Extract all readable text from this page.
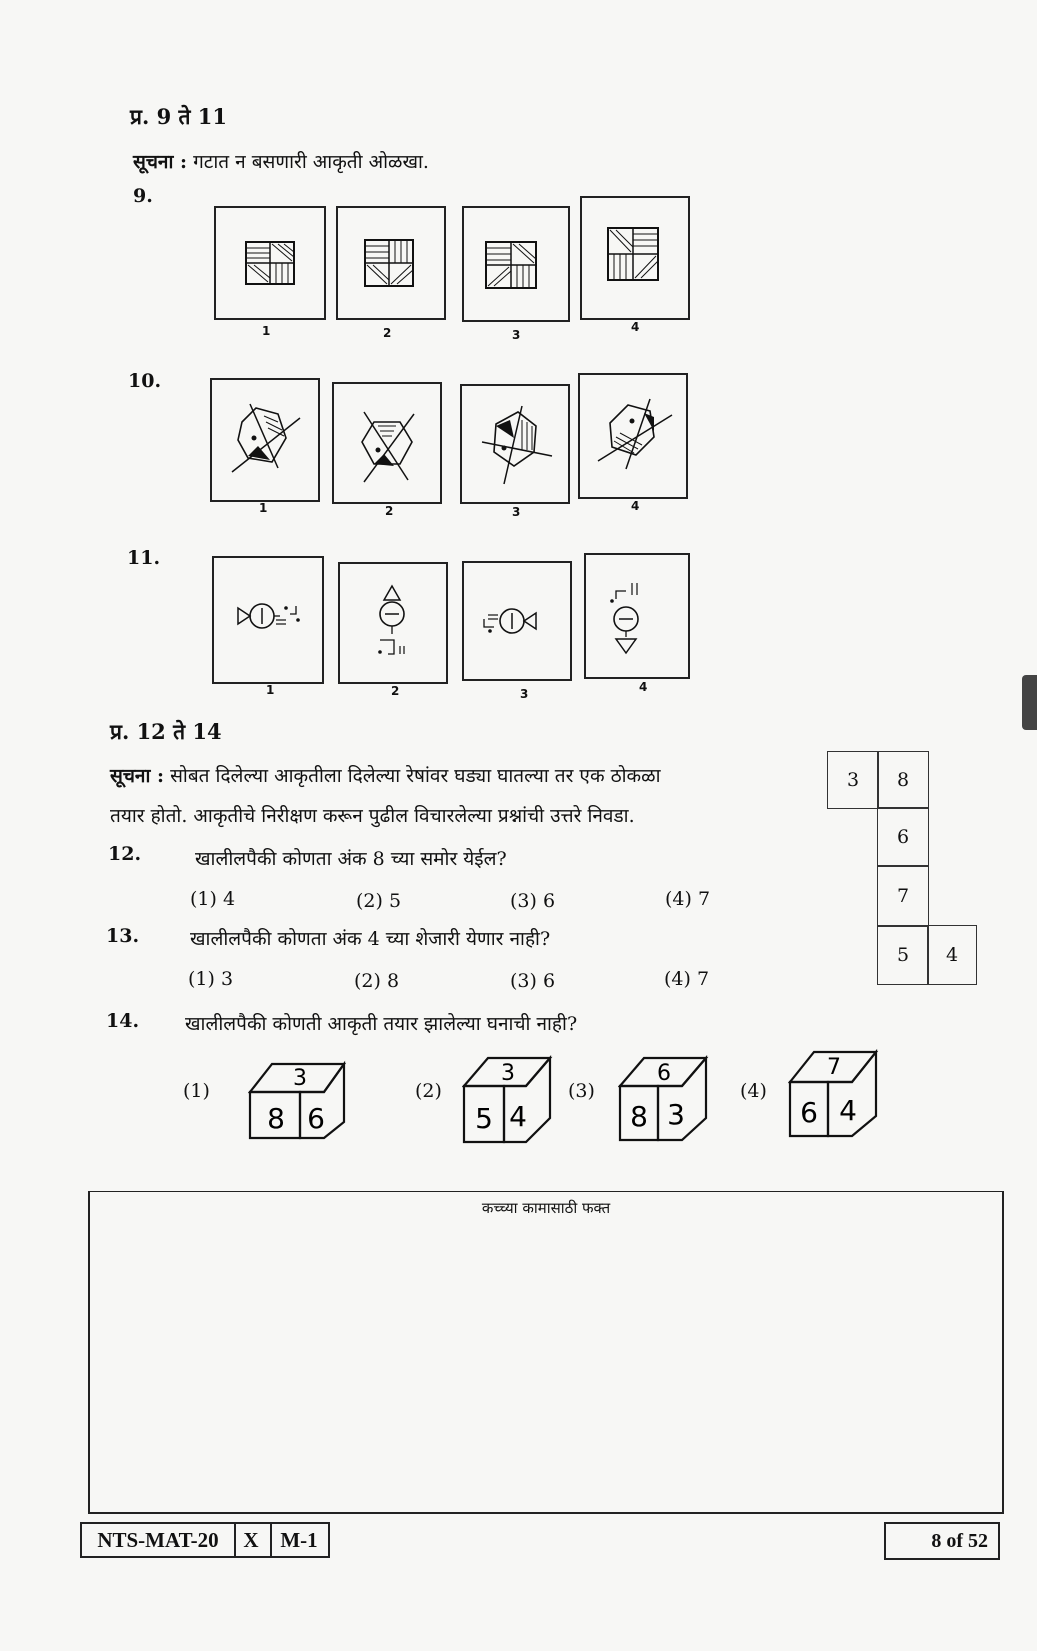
प्र. 9 ते 11
सूचना : गटात न बसणारी आकृती ओळखा.
9.
1	2	3
4
10.
1	2	3	4
11.
1	2	3	4
प्र. 12 ते 14
सूचना : सोबत दिलेल्या आकृतीला दिलेल्या रेषांवर घड्या घातल्या तर एक ठोकळा
तयार होतो. आकृतीचे निरीक्षण करून पुढील विचारलेल्या प्रश्नांची उत्तरे निवडा.
3	8
6
7
5	4
12.	खालीलपैकी कोणता अंक 8 च्या समोर येईल?
(1) 4	(2) 5	(3) 6	(4) 7
13.	खालीलपैकी कोणता अंक 4 च्या शेजारी येणार नाही?
(1) 3	(2) 8	(3) 6	(4) 7
14. खालीलपैकी कोणती आकृती तयार झालेल्या घनाची नाही?
(1)	3
8 6
(2)
3
5 4
(3)
6
8 3
(4)
7
6 4
कच्च्या कामासाठी फक्त
NTS-MAT-20	X	M-1	8 of 52
